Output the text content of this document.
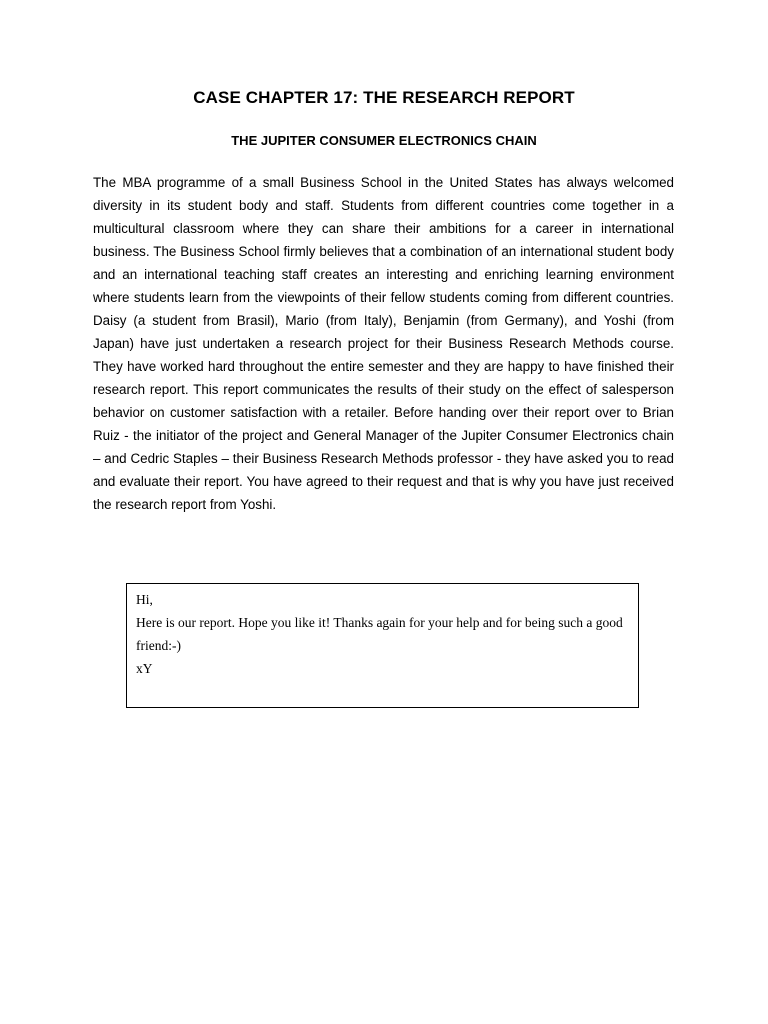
CASE CHAPTER 17: THE RESEARCH REPORT
THE JUPITER CONSUMER ELECTRONICS CHAIN

The MBA programme of a small Business School in the United States has always welcomed diversity in its student body and staff. Students from different countries come together in a multicultural classroom where they can share their ambitions for a career in international business. The Business School firmly believes that a combination of an international student body and an international teaching staff creates an interesting and enriching learning environment where students learn from the viewpoints of their fellow students coming from different countries. Daisy (a student from Brasil), Mario (from Italy), Benjamin (from Germany), and Yoshi (from Japan) have just undertaken a research project for their Business Research Methods course. They have worked hard throughout the entire semester and they are happy to have finished their research report. This report communicates the results of their study on the effect of salesperson behavior on customer satisfaction with a retailer. Before handing over their report over to Brian Ruiz - the initiator of the project and General Manager of the Jupiter Consumer Electronics chain – and Cedric Staples – their Business Research Methods professor - they have asked you to read and evaluate their report. You have agreed to their request and that is why you have just received the research report from Yoshi.

Hi,
Here is our report. Hope you like it! Thanks again for your help and for being such a good friend:-)
xY
